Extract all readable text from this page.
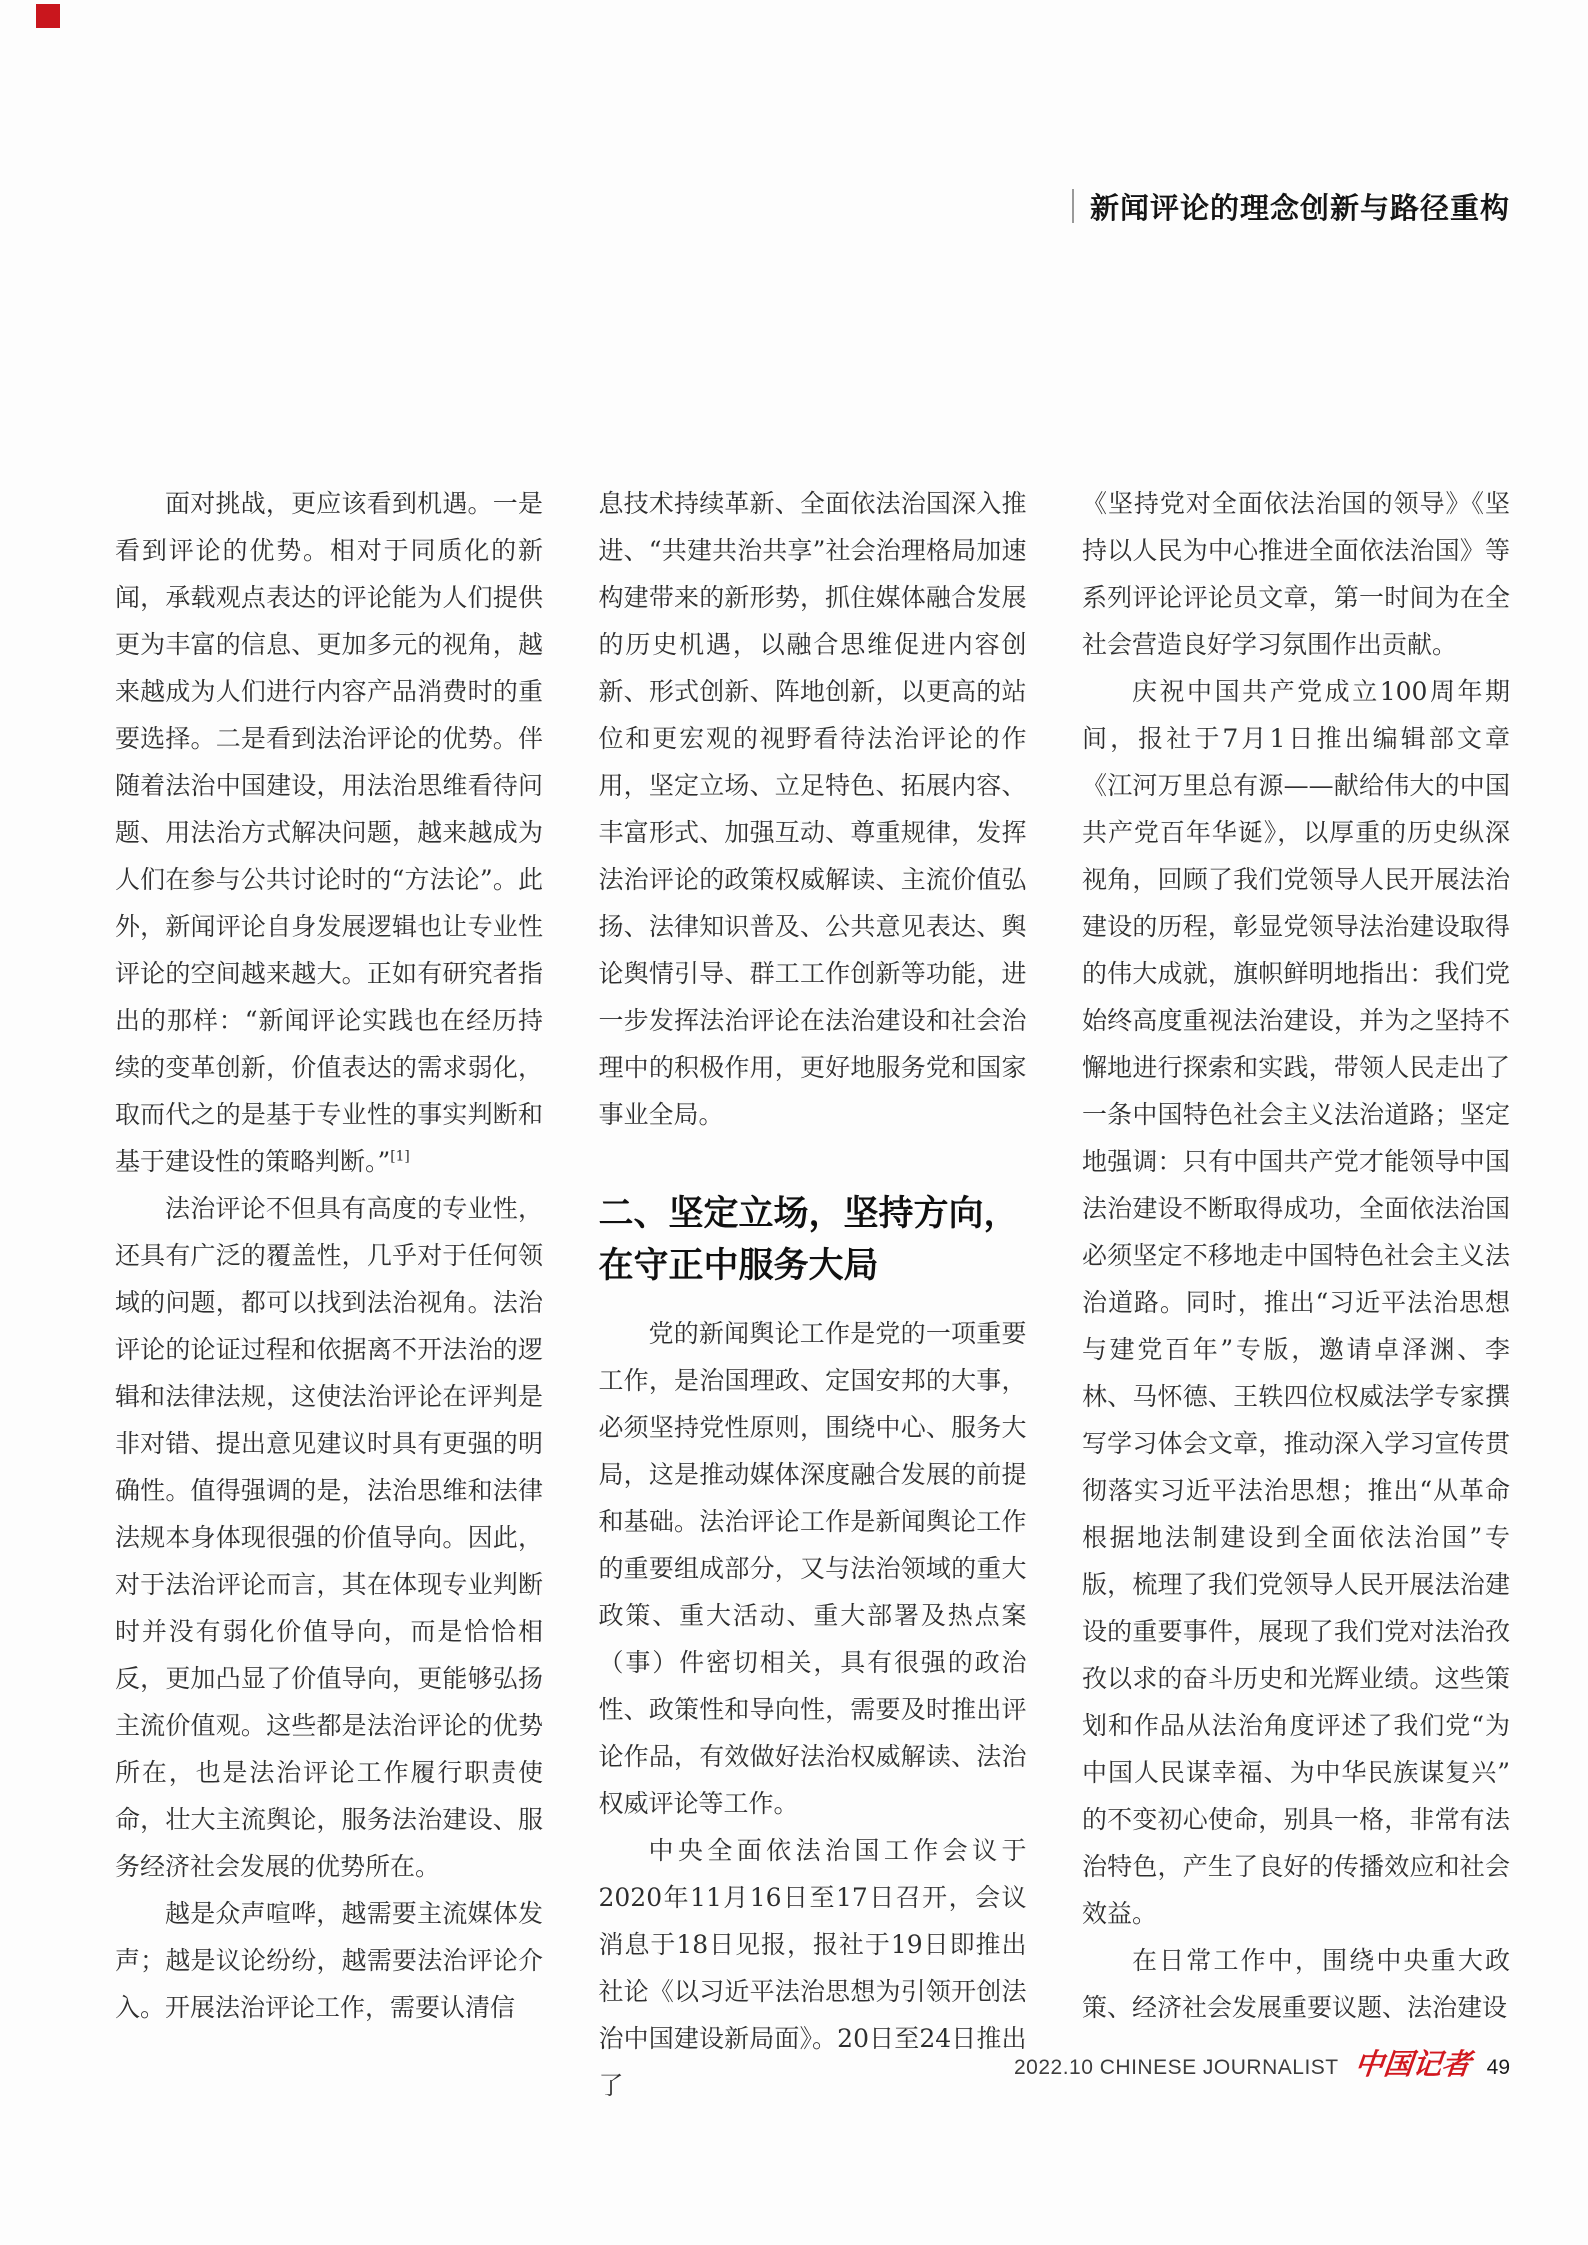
新闻评论的理念创新与路径重构

面对挑战，更应该看到机遇。一是看到评论的优势。相对于同质化的新闻，承载观点表达的评论能为人们提供更为丰富的信息、更加多元的视角，越来越成为人们进行内容产品消费时的重要选择。二是看到法治评论的优势。伴随着法治中国建设，用法治思维看待问题、用法治方式解决问题，越来越成为人们在参与公共讨论时的“方法论”。此外，新闻评论自身发展逻辑也让专业性评论的空间越来越大。正如有研究者指出的那样：“新闻评论实践也在经历持续的变革创新，价值表达的需求弱化，取而代之的是基于专业性的事实判断和基于建设性的策略判断。”[1]

法治评论不但具有高度的专业性，还具有广泛的覆盖性，几乎对于任何领域的问题，都可以找到法治视角。法治评论的论证过程和依据离不开法治的逻辑和法律法规，这使法治评论在评判是非对错、提出意见建议时具有更强的明确性。值得强调的是，法治思维和法律法规本身体现很强的价值导向。因此，对于法治评论而言，其在体现专业判断时并没有弱化价值导向，而是恰恰相反，更加凸显了价值导向，更能够弘扬主流价值观。这些都是法治评论的优势所在，也是法治评论工作履行职责使命，壮大主流舆论，服务法治建设、服务经济社会发展的优势所在。

越是众声喧哗，越需要主流媒体发声；越是议论纷纷，越需要法治评论介入。开展法治评论工作，需要认清信

息技术持续革新、全面依法治国深入推进、“共建共治共享”社会治理格局加速构建带来的新形势，抓住媒体融合发展的历史机遇，以融合思维促进内容创新、形式创新、阵地创新，以更高的站位和更宏观的视野看待法治评论的作用，坚定立场、立足特色、拓展内容、丰富形式、加强互动、尊重规律，发挥法治评论的政策权威解读、主流价值弘扬、法律知识普及、公共意见表达、舆论舆情引导、群工工作创新等功能，进一步发挥法治评论在法治建设和社会治理中的积极作用，更好地服务党和国家事业全局。

二、坚定立场，坚持方向，在守正中服务大局

党的新闻舆论工作是党的一项重要工作，是治国理政、定国安邦的大事，必须坚持党性原则，围绕中心、服务大局，这是推动媒体深度融合发展的前提和基础。法治评论工作是新闻舆论工作的重要组成部分，又与法治领域的重大政策、重大活动、重大部署及热点案（事）件密切相关，具有很强的政治性、政策性和导向性，需要及时推出评论作品，有效做好法治权威解读、法治权威评论等工作。

中央全面依法治国工作会议于2020年11月16日至17日召开，会议消息于18日见报，报社于19日即推出社论《以习近平法治思想为引领开创法治中国建设新局面》。20日至24日推出了

《坚持党对全面依法治国的领导》《坚持以人民为中心推进全面依法治国》等系列评论评论员文章，第一时间为在全社会营造良好学习氛围作出贡献。

庆祝中国共产党成立100周年期间，报社于7月1日推出编辑部文章《江河万里总有源——献给伟大的中国共产党百年华诞》，以厚重的历史纵深视角，回顾了我们党领导人民开展法治建设的历程，彰显党领导法治建设取得的伟大成就，旗帜鲜明地指出：我们党始终高度重视法治建设，并为之坚持不懈地进行探索和实践，带领人民走出了一条中国特色社会主义法治道路；坚定地强调：只有中国共产党才能领导中国法治建设不断取得成功，全面依法治国必须坚定不移地走中国特色社会主义法治道路。同时，推出“习近平法治思想与建党百年”专版，邀请卓泽渊、李林、马怀德、王轶四位权威法学专家撰写学习体会文章，推动深入学习宣传贯彻落实习近平法治思想；推出“从革命根据地法制建设到全面依法治国”专版，梳理了我们党领导人民开展法治建设的重要事件，展现了我们党对法治孜孜以求的奋斗历史和光辉业绩。这些策划和作品从法治角度评述了我们党“为中国人民谋幸福、为中华民族谋复兴”的不变初心使命，别具一格，非常有法治特色，产生了良好的传播效应和社会效益。

在日常工作中，围绕中央重大政策、经济社会发展重要议题、法治建设

2022.10 CHINESE JOURNALIST 中国记者 49
